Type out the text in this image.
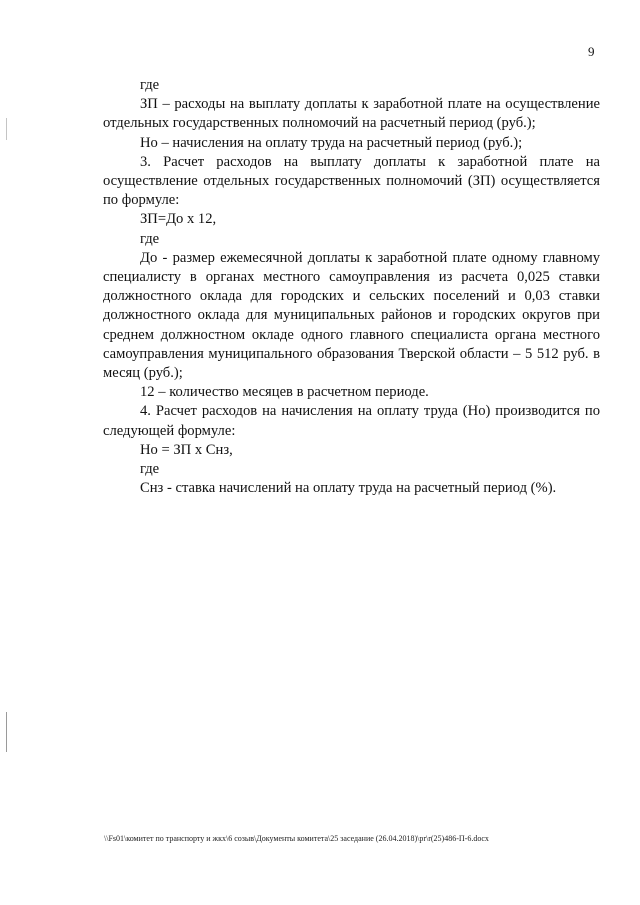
9

где

ЗП – расходы на выплату доплаты к заработной плате на осуществление отдельных государственных полномочий на расчетный период (руб.);

Но – начисления на оплату труда на расчетный период (руб.);

3. Расчет расходов на выплату доплаты к заработной плате на осуществление отдельных государственных полномочий (ЗП) осуществляется по формуле:

ЗП=До х 12,

где

До - размер ежемесячной доплаты к заработной плате одному главному специалисту в органах местного самоуправления из расчета 0,025 ставки должностного оклада для городских и сельских поселений и 0,03 ставки должностного оклада для муниципальных районов и городских округов при среднем должностном окладе одного главного специалиста органа местного самоуправления муниципального образования Тверской области – 5 512 руб. в месяц (руб.);

12 – количество месяцев в расчетном периоде.

4. Расчет расходов на начисления на оплату труда (Но) производится по следующей формуле:

Но = ЗП х Снз,

где

Снз - ставка начислений на оплату труда на расчетный период (%).

\\Fs01\комитет по транспорту и жкх\6 созыв\Документы комитета\25 заседание (26.04.2018)\pr\r(25)486-П-6.docx
